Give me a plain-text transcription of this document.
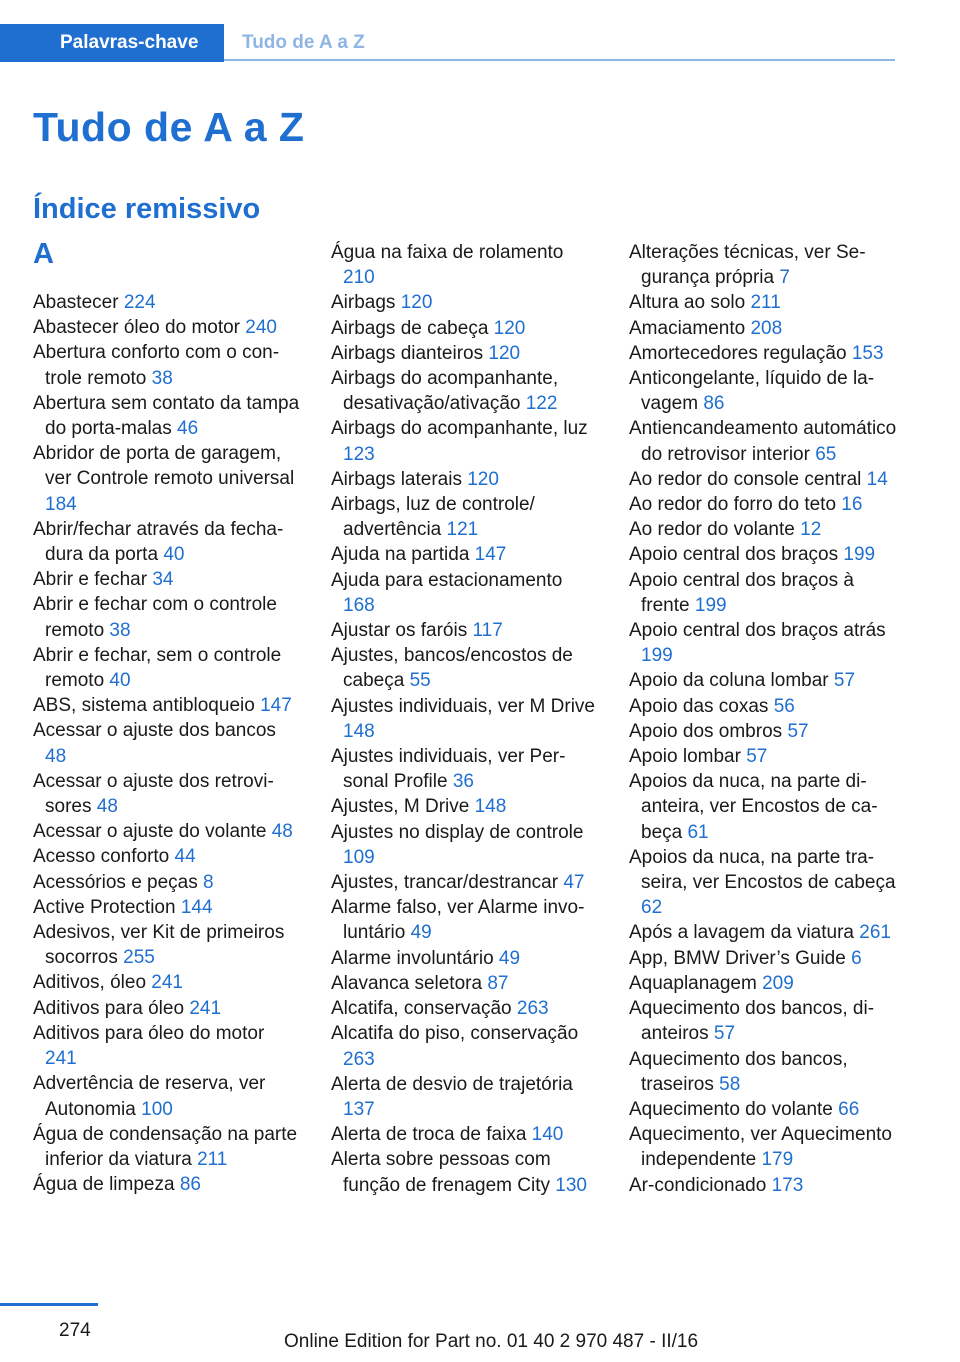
Palavras-chave	Tudo de A a Z
Tudo de A a Z
Índice remissivo
A
Abastecer 224
Abastecer óleo do motor 240
Abertura conforto com o controle remoto 38
Abertura sem contato da tampa do porta-malas 46
Abridor de porta de garagem, ver Controle remoto universal 184
Abrir/fechar através da fechadura da porta 40
Abrir e fechar 34
Abrir e fechar com o controle remoto 38
Abrir e fechar, sem o controle remoto 40
ABS, sistema antibloqueio 147
Acessar o ajuste dos bancos 48
Acessar o ajuste dos retrovisores 48
Acessar o ajuste do volante 48
Acesso conforto 44
Acessórios e peças 8
Active Protection 144
Adesivos, ver Kit de primeiros socorros 255
Aditivos, óleo 241
Aditivos para óleo 241
Aditivos para óleo do motor 241
Advertência de reserva, ver Autonomia 100
Água de condensação na parte inferior da viatura 211
Água de limpeza 86
Água na faixa de rolamento 210
Airbags 120
Airbags de cabeça 120
Airbags dianteiros 120
Airbags do acompanhante, desativação/ativação 122
Airbags do acompanhante, luz 123
Airbags laterais 120
Airbags, luz de controle/ advertência 121
Ajuda na partida 147
Ajuda para estacionamento 168
Ajustar os faróis 117
Ajustes, bancos/encostos de cabeça 55
Ajustes individuais, ver M Drive 148
Ajustes individuais, ver Personal Profile 36
Ajustes, M Drive 148
Ajustes no display de controle 109
Ajustes, trancar/destrancar 47
Alarme falso, ver Alarme involuntário 49
Alarme involuntário 49
Alavanca seletora 87
Alcatifa, conservação 263
Alcatifa do piso, conservação 263
Alerta de desvio de trajetória 137
Alerta de troca de faixa 140
Alerta sobre pessoas com função de frenagem City 130
Alterações técnicas, ver Segurança própria 7
Altura ao solo 211
Amaciamento 208
Amortecedores regulação 153
Anticongelante, líquido de lavagem 86
Antiencandeamento automático do retrovisor interior 65
Ao redor do console central 14
Ao redor do forro do teto 16
Ao redor do volante 12
Apoio central dos braços 199
Apoio central dos braços à frente 199
Apoio central dos braços atrás 199
Apoio da coluna lombar 57
Apoio das coxas 56
Apoio dos ombros 57
Apoio lombar 57
Apoios da nuca, na parte dianteira, ver Encostos de cabeça 61
Apoios da nuca, na parte traseira, ver Encostos de cabeça 62
Após a lavagem da viatura 261
App, BMW Driver’s Guide 6
Aquaplanagem 209
Aquecimento dos bancos, dianteiros 57
Aquecimento dos bancos, traseiros 58
Aquecimento do volante 66
Aquecimento, ver Aquecimento independente 179
Ar-condicionado 173
274
Online Edition for Part no. 01 40 2 970 487 - II/16
